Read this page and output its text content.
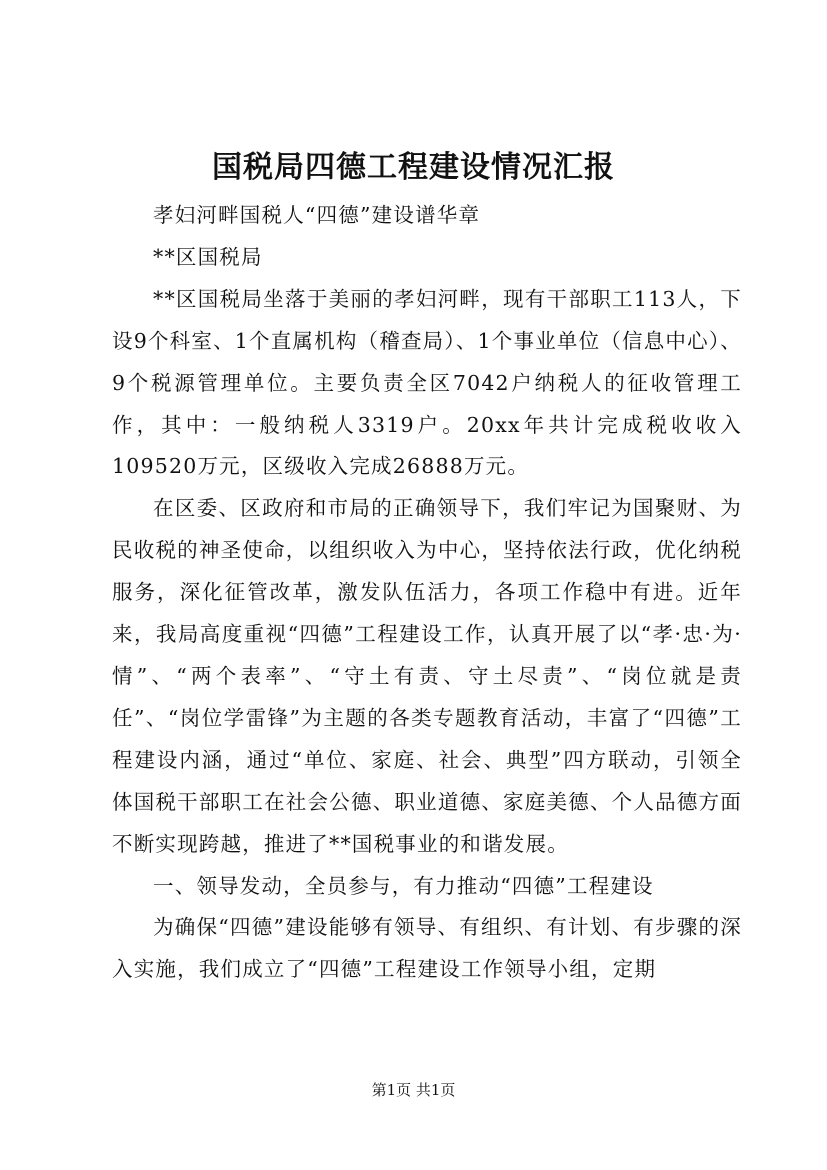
国税局四德工程建设情况汇报

孝妇河畔国税人“四德”建设谱华章

**区国税局

**区国税局坐落于美丽的孝妇河畔，现有干部职工113人，下设9个科室、1个直属机构（稽查局）、1个事业单位（信息中心）、9个税源管理单位。主要负责全区7042户纳税人的征收管理工作，其中：一般纳税人3319户。20xx年共计完成税收收入109520万元，区级收入完成26888万元。

在区委、区政府和市局的正确领导下，我们牢记为国聚财、为民收税的神圣使命，以组织收入为中心，坚持依法行政，优化纳税服务，深化征管改革，激发队伍活力，各项工作稳中有进。近年来，我局高度重视“四德”工程建设工作，认真开展了以“孝·忠·为·情”、“两个表率”、“守土有责、守土尽责”、“岗位就是责任”、“岗位学雷锋”为主题的各类专题教育活动，丰富了“四德”工程建设内涵，通过“单位、家庭、社会、典型”四方联动，引领全体国税干部职工在社会公德、职业道德、家庭美德、个人品德方面不断实现跨越，推进了**国税事业的和谐发展。

一、领导发动，全员参与，有力推动“四德”工程建设

为确保“四德”建设能够有领导、有组织、有计划、有步骤的深入实施，我们成立了“四德”工程建设工作领导小组，定期

第1页 共1页
